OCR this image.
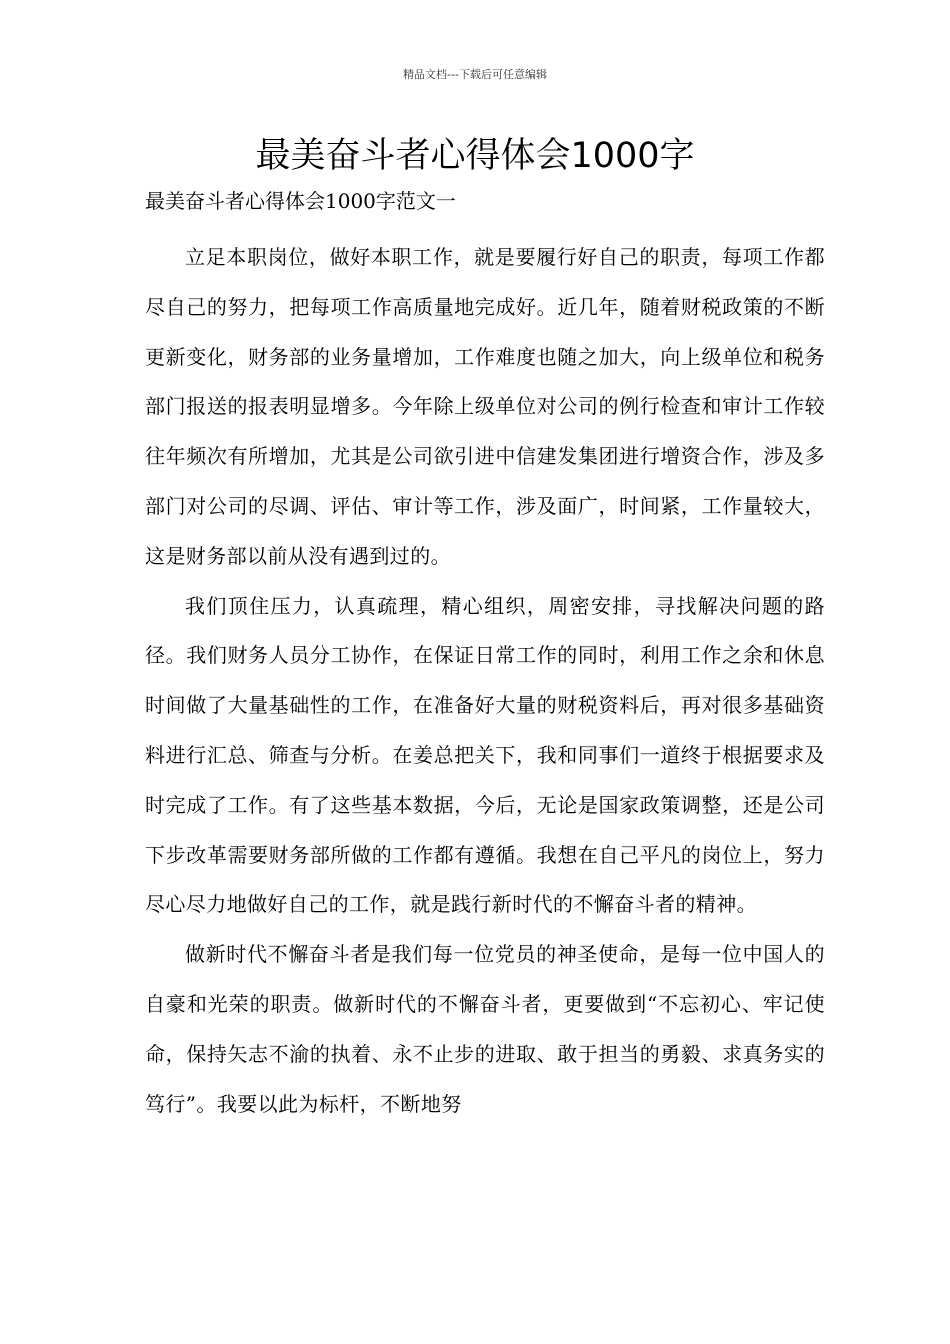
精品文档---下载后可任意编辑
最美奋斗者心得体会1000字
最美奋斗者心得体会1000字范文一

立足本职岗位，做好本职工作，就是要履行好自己的职责，每项工作都尽自己的努力，把每项工作高质量地完成好。近几年，随着财税政策的不断更新变化，财务部的业务量增加，工作难度也随之加大，向上级单位和税务部门报送的报表明显增多。今年除上级单位对公司的例行检查和审计工作较往年频次有所增加，尤其是公司欲引进中信建发集团进行增资合作，涉及多部门对公司的尽调、评估、审计等工作，涉及面广，时间紧，工作量较大，这是财务部以前从没有遇到过的。

我们顶住压力，认真疏理，精心组织，周密安排，寻找解决问题的路径。我们财务人员分工协作，在保证日常工作的同时，利用工作之余和休息时间做了大量基础性的工作，在准备好大量的财税资料后，再对很多基础资料进行汇总、筛查与分析。在姜总把关下，我和同事们一道终于根据要求及时完成了工作。有了这些基本数据，今后，无论是国家政策调整，还是公司下步改革需要财务部所做的工作都有遵循。我想在自己平凡的岗位上，努力尽心尽力地做好自己的工作，就是践行新时代的不懈奋斗者的精神。

做新时代不懈奋斗者是我们每一位党员的神圣使命，是每一位中国人的自豪和光荣的职责。做新时代的不懈奋斗者，更要做到“不忘初心、牢记使命，保持矢志不渝的执着、永不止步的进取、敢于担当的勇毅、求真务实的笃行”。我要以此为标杆，不断地努
